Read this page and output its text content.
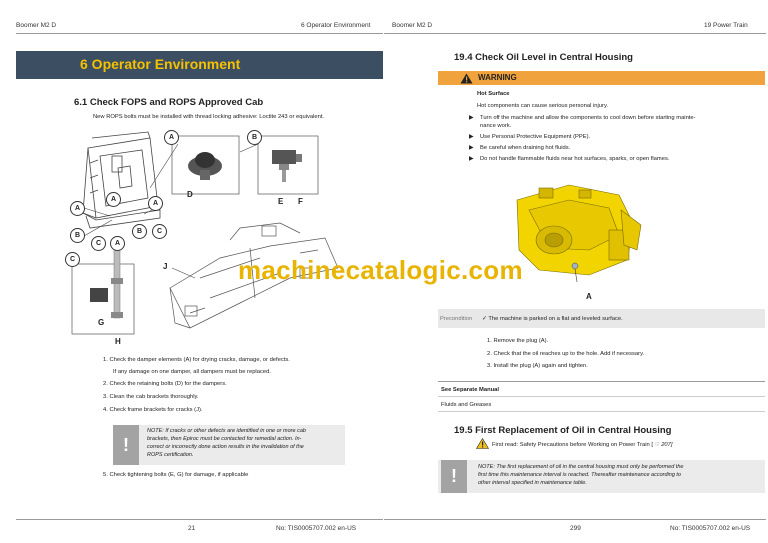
Boomer M2 D	6 Operator Environment
6 Operator Environment
6.1 Check FOPS and ROPS Approved Cab
New ROPS bolts must be installed with thread locking adhesive: Loctite 243 or equivalent.
A	B
D
E F
A
A
A
B
B
C
C
A
C
J
G
H
1. Check the damper elements (A) for drying cracks, damage, or defects.
If any damage on one damper, all dampers must be replaced.
2. Check the retaining bolts (D) for the dampers.
3. Clean the cab brackets thoroughly.
4. Check frame brackets for cracks (J).
!
NOTE: If cracks or other defects are identified in one or more cab
brackets, then Epiroc must be contacted for remedial action. In-
correct or incorrectly done action results in the invalidation of the
ROPS certification.
5. Check tightening bolts (E, G) for damage, if applicable
21	No: TIS0005707.002 en-US
Boomer M2 D	19 Power Train
19.4 Check Oil Level in Central Housing
WARNING
Hot Surface
Hot components can cause serious personal injury.
▶ Turn off the machine and allow the components to cool down before starting mainte-
nance work.
▶ Use Personal Protective Equipment (PPE).
▶ Be careful when draining hot fluids.
▶ Do not handle flammable fluids near hot surfaces, sparks, or open flames.
A
Precondition ✓ The machine is parked on a flat and leveled surface.
1. Remove the plug (A).
2. Check that the oil reaches up to the hole. Add if necessary.
3. Install the plug (A) again and tighten.
See Separate Manual
Fluids and Greases
19.5 First Replacement of Oil in Central Housing
First read: Safety Precautions before Working on Power Train [ ☞207]
!	NOTE: The first replacement of oil in the central housing must only be performed the
first time this maintenance interval is reached. Thereafter maintenance according to
other interval specified in maintenance table.
299	No: TIS0005707.002 en-US
machinecatalogic.com
